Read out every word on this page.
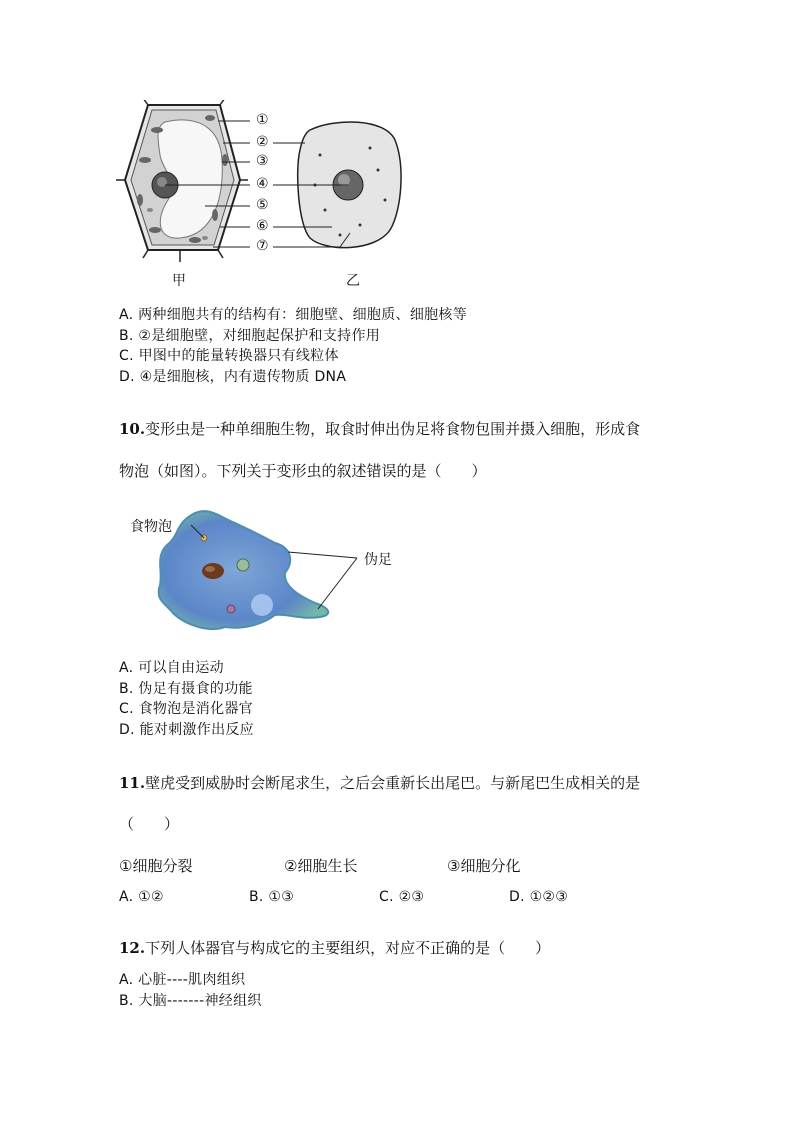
①
②
③
④
⑤
⑥
⑦
甲	乙
A. 两种细胞共有的结构有：细胞壁、细胞质、细胞核等
B. ②是细胞壁，对细胞起保护和支持作用
C. 甲图中的能量转换器只有线粒体
D. ④是细胞核，内有遗传物质 DNA
10.变形虫是一种单细胞生物，取食时伸出伪足将食物包围并摄入细胞，形成食
物泡（如图）。下列关于变形虫的叙述错误的是（　　）
食物泡
伪足
A. 可以自由运动
B. 伪足有摄食的功能
C. 食物泡是消化器官
D. 能对刺激作出反应
11.壁虎受到威胁时会断尾求生，之后会重新长出尾巴。与新尾巴生成相关的是
（　　）
①细胞分裂	②细胞生长	③细胞分化
A. ①②	B. ①③	C. ②③	D. ①②③
12.下列人体器官与构成它的主要组织，对应不正确的是（　　）
A. 心脏----肌肉组织
B. 大脑-------神经组织
